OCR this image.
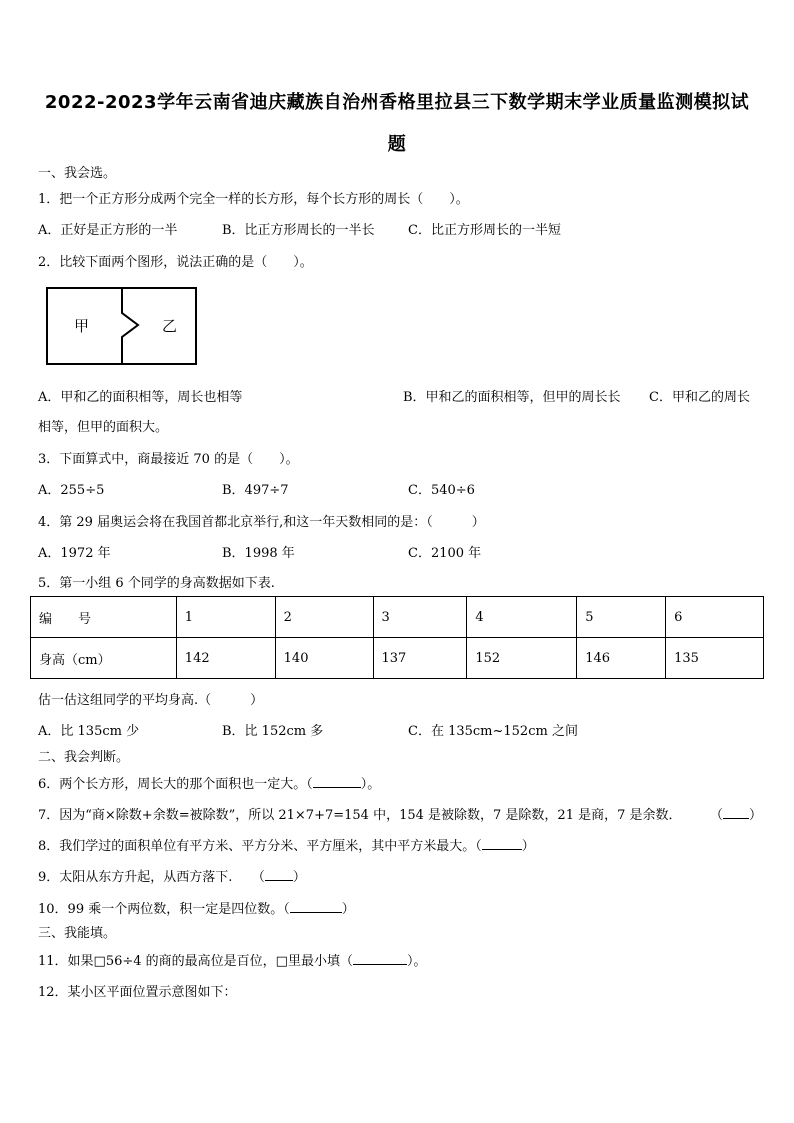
2022-2023学年云南省迪庆藏族自治州香格里拉县三下数学期末学业质量监测模拟试
题
一、我会选。
1．把一个正方形分成两个完全一样的长方形，每个长方形的周长（　　）。
A．正好是正方形的一半	B．比正方形周长的一半长	C．比正方形周长的一半短
2．比较下面两个图形，说法正确的是（　　）。
甲	乙
A．甲和乙的面积相等，周长也相等	B．甲和乙的面积相等，但甲的周长长 C．甲和乙的周长
相等，但甲的面积大。
3．下面算式中，商最接近 70 的是（　　）。
A．255÷5	B．497÷7	C．540÷6
4．第 29 届奥运会将在我国首都北京举行,和这一年天数相同的是：（　　　）
A．1972 年	B．1998 年	C．2100 年
5．第一小组 6 个同学的身高数据如下表.
编　　号	1	2	3	4	5	6
身高（cm）	142	140	137	152	146	135
估一估这组同学的平均身高.（　　　）
A．比 135cm 少	B．比 152cm 多	C．在 135cm~152cm 之间
二、我会判断。
6．两个长方形，周长大的那个面积也一定大。（	）。
7．因为“商×除数+余数=被除数”，所以 21×7+7=154 中，154 是被除数，7 是除数，21 是商，7 是余数． （ ）
8．我们学过的面积单位有平方米、平方分米、平方厘米，其中平方米最大。（	）
9．太阳从东方升起，从西方落下.　　（ ）
10．99 乘一个两位数，积一定是四位数。（	）
三、我能填。
11．如果□56÷4 的商的最高位是百位，□里最小填（	）。
12．某小区平面位置示意图如下：
